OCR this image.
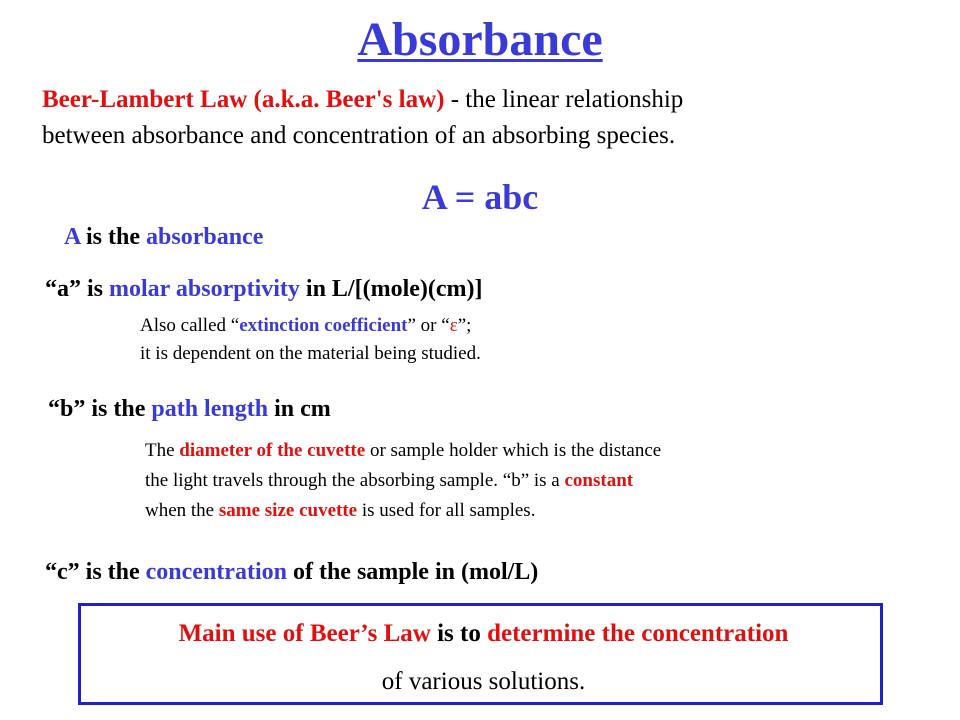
Absorbance
Beer-Lambert Law (a.k.a. Beer's law) - the linear relationship
between absorbance and concentration of an absorbing species.
A = abc
A is the absorbance
“a” is molar absorptivity in L/[(mole)(cm)]
Also called “extinction coefficient” or “ε”;
it is dependent on the material being studied.
“b” is the path length in cm
The diameter of the cuvette or sample holder which is the distance
the light travels through the absorbing sample. “b” is a constant
when the same size cuvette is used for all samples.
“c” is the concentration of the sample in (mol/L)
Main use of Beer’s Law is to determine the concentration
of various solutions.
